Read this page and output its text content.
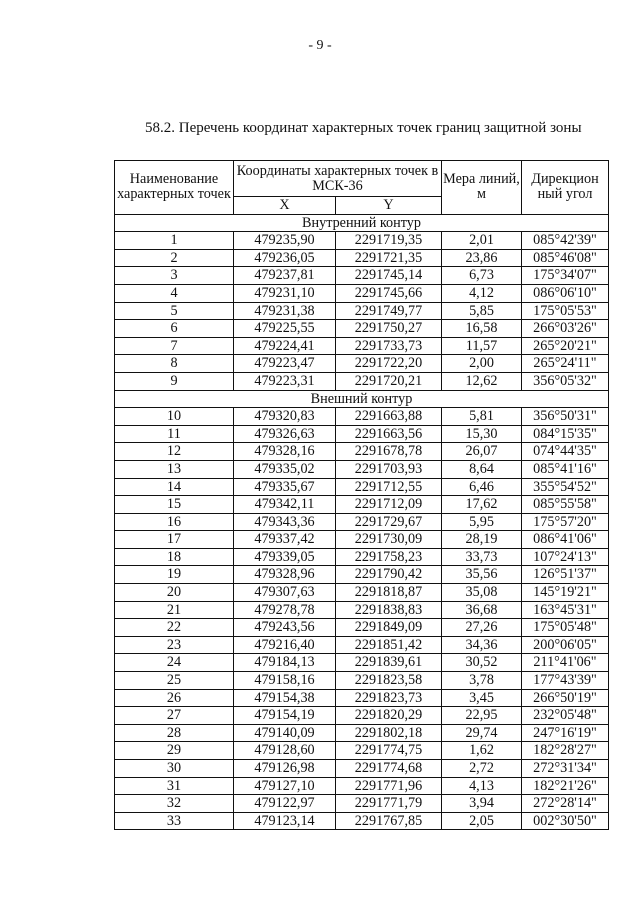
- 9 -
58.2. Перечень координат характерных точек границ защитной зоны
Наименование характерных точек	Координаты характерных точек в МСК-36		Мера линий, м	Дирекцион ный угол
	X	Y		
Внутренний контур				
1	479235,90	2291719,35	2,01	085°42'39"
2	479236,05	2291721,35	23,86	085°46'08"
3	479237,81	2291745,14	6,73	175°34'07"
4	479231,10	2291745,66	4,12	086°06'10"
5	479231,38	2291749,77	5,85	175°05'53"
6	479225,55	2291750,27	16,58	266°03'26"
7	479224,41	2291733,73	11,57	265°20'21"
8	479223,47	2291722,20	2,00	265°24'11"
9	479223,31	2291720,21	12,62	356°05'32"
Внешний контур				
10	479320,83	2291663,88	5,81	356°50'31"
11	479326,63	2291663,56	15,30	084°15'35"
12	479328,16	2291678,78	26,07	074°44'35"
13	479335,02	2291703,93	8,64	085°41'16"
14	479335,67	2291712,55	6,46	355°54'52"
15	479342,11	2291712,09	17,62	085°55'58"
16	479343,36	2291729,67	5,95	175°57'20"
17	479337,42	2291730,09	28,19	086°41'06"
18	479339,05	2291758,23	33,73	107°24'13"
19	479328,96	2291790,42	35,56	126°51'37"
20	479307,63	2291818,87	35,08	145°19'21"
21	479278,78	2291838,83	36,68	163°45'31"
22	479243,56	2291849,09	27,26	175°05'48"
23	479216,40	2291851,42	34,36	200°06'05"
24	479184,13	2291839,61	30,52	211°41'06"
25	479158,16	2291823,58	3,78	177°43'39"
26	479154,38	2291823,73	3,45	266°50'19"
27	479154,19	2291820,29	22,95	232°05'48"
28	479140,09	2291802,18	29,74	247°16'19"
29	479128,60	2291774,75	1,62	182°28'27"
30	479126,98	2291774,68	2,72	272°31'34"
31	479127,10	2291771,96	4,13	182°21'26"
32	479122,97	2291771,79	3,94	272°28'14"
33	479123,14	2291767,85	2,05	002°30'50"
